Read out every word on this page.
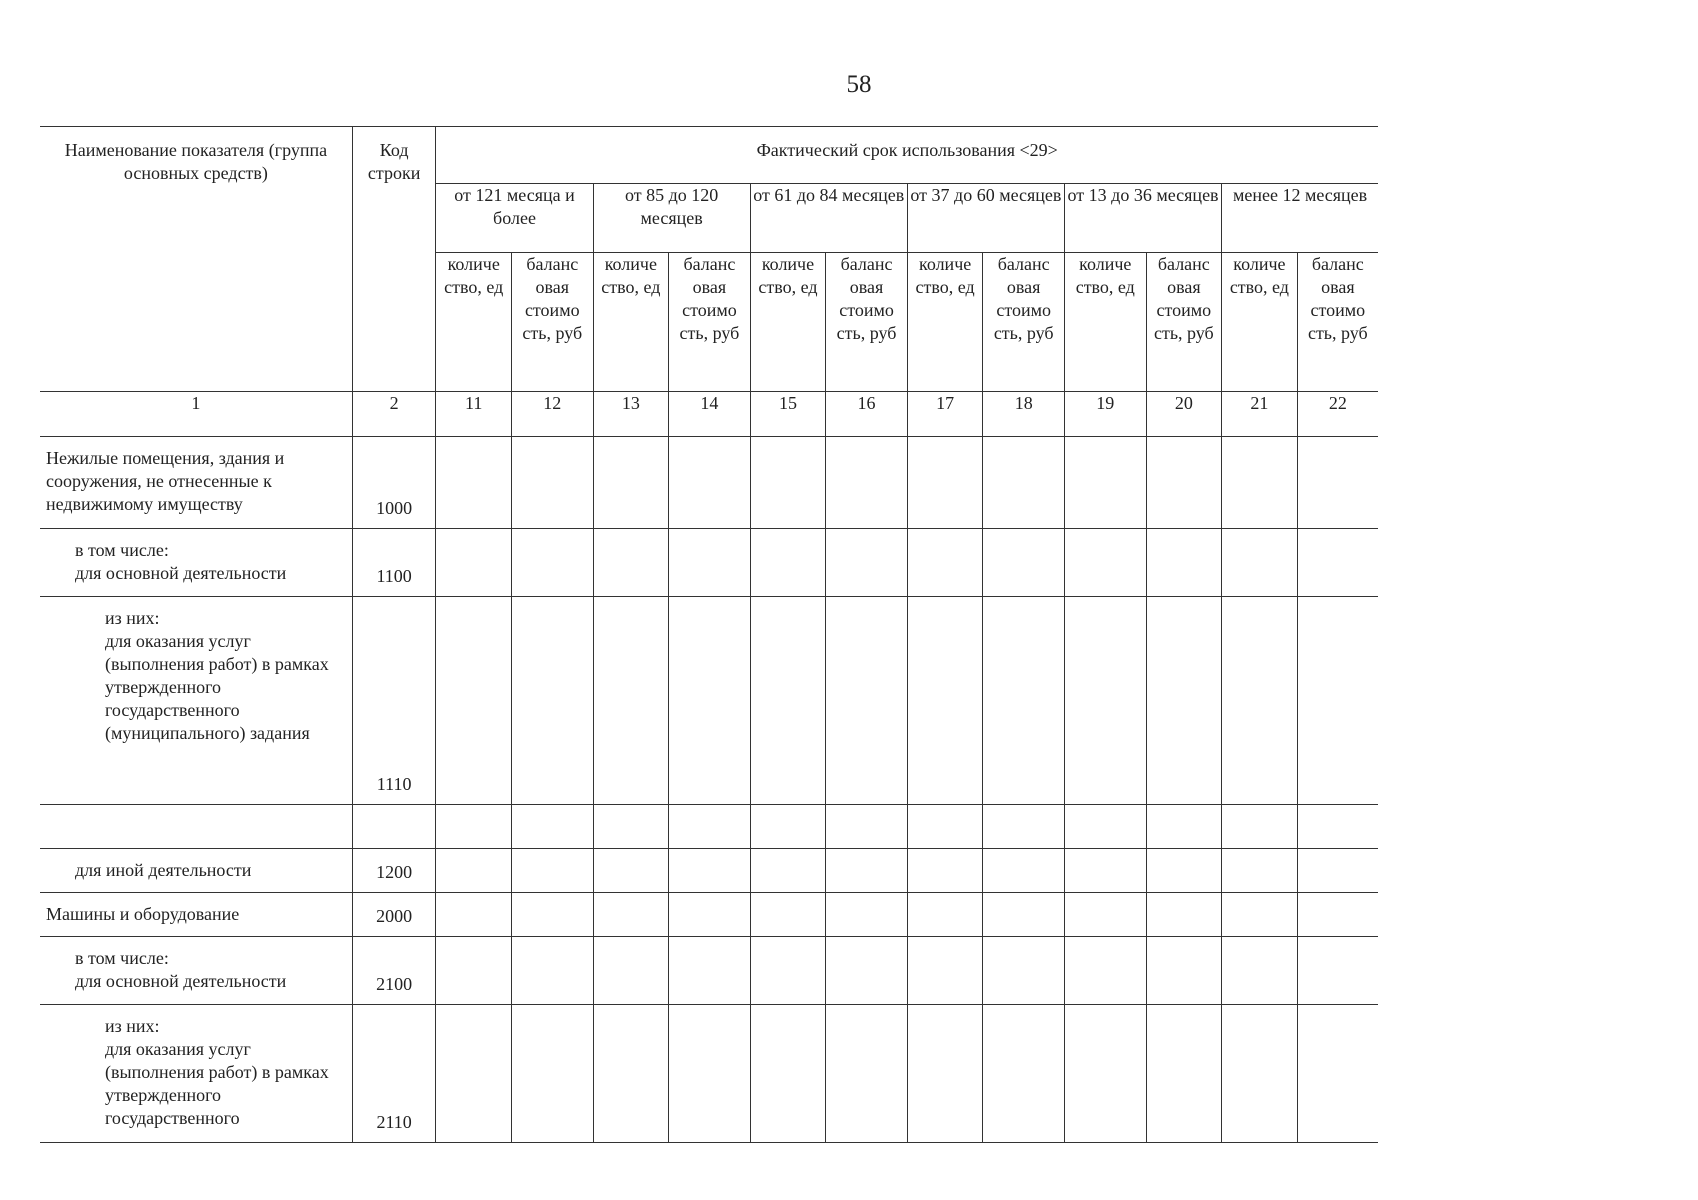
58
Наименование показателя (группа основных средств)	Код строки	Фактический срок использования <29>											
		от 121 месяца и более		от 85 до 120 месяцев		от 61 до 84 месяцев		от 37 до 60 месяцев		от 13 до 36 месяцев		менее 12 месяцев	
		количе ство, ед	баланс овая стоимо сть, руб	количе ство, ед	баланс овая стоимо сть, руб	количе ство, ед	баланс овая стоимо сть, руб	количе ство, ед	баланс овая стоимо сть, руб	количе ство, ед	баланс овая стоимо сть, руб	количе ство, ед	баланс овая стоимо сть, руб
1	2	11	12	13	14	15	16	17	18	19	20	21	22

Нежилые помещения, здания и сооружения, не отнесенные к недвижимому имуществу	1000												

в том числе:
для основной деятельности	1100												

из них:
для оказания услуг (выполнения работ) в рамках утвержденного государственного (муниципального) задания	1110												

для иной деятельности	1200												

Машины и оборудование	2000												

в том числе:
для основной деятельности	2100												

из них:
для оказания услуг (выполнения работ) в рамках утвержденного государственного	2110												
